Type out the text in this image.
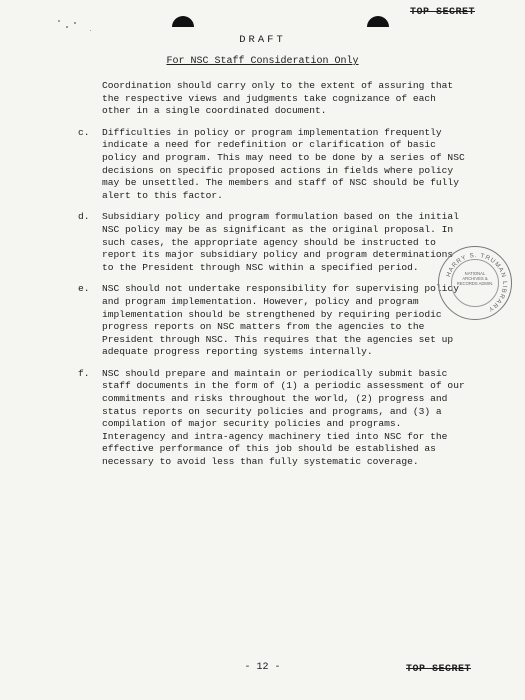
TOP SECRET
DRAFT
For NSC Staff Consideration Only

Coordination should carry only to the extent of assuring that the respective views and judgments take cognizance of each other in a single coordinated document.

c.	Difficulties in policy or program implementation frequently indicate a need for redefinition or clarification of basic policy and program. This may need to be done by a series of NSC decisions on specific proposed actions in fields where policy may be unsettled. The members and staff of NSC should be fully alert to this factor.
d.	Subsidiary policy and program formulation based on the initial NSC policy may be as significant as the original proposal. In such cases, the appropriate agency should be instructed to report its major subsidiary policy and program determinations to the President through NSC within a specified period.
e.	NSC should not undertake responsibility for supervising policy and program implementation. However, policy and program implementation should be strengthened by requiring periodic progress reports on NSC matters from the agencies to the President through NSC. This requires that the agencies set up adequate progress reporting systems internally.
f.	NSC should prepare and maintain or periodically submit basic staff documents in the form of (1) a periodic assessment of our commitments and risks throughout the world, (2) progress and status reports on security policies and programs, and (3) a compilation of major security policies and programs. Interagency and intra-agency machinery tied into NSC for the effective performance of this job should be established as necessary to avoid less than fully systematic coverage.
HARRY S. TRUMAN LIBRARY
NATIONAL ARCHIVES & RECORDS ADMIN.
- 12 -	TOP SECRET
